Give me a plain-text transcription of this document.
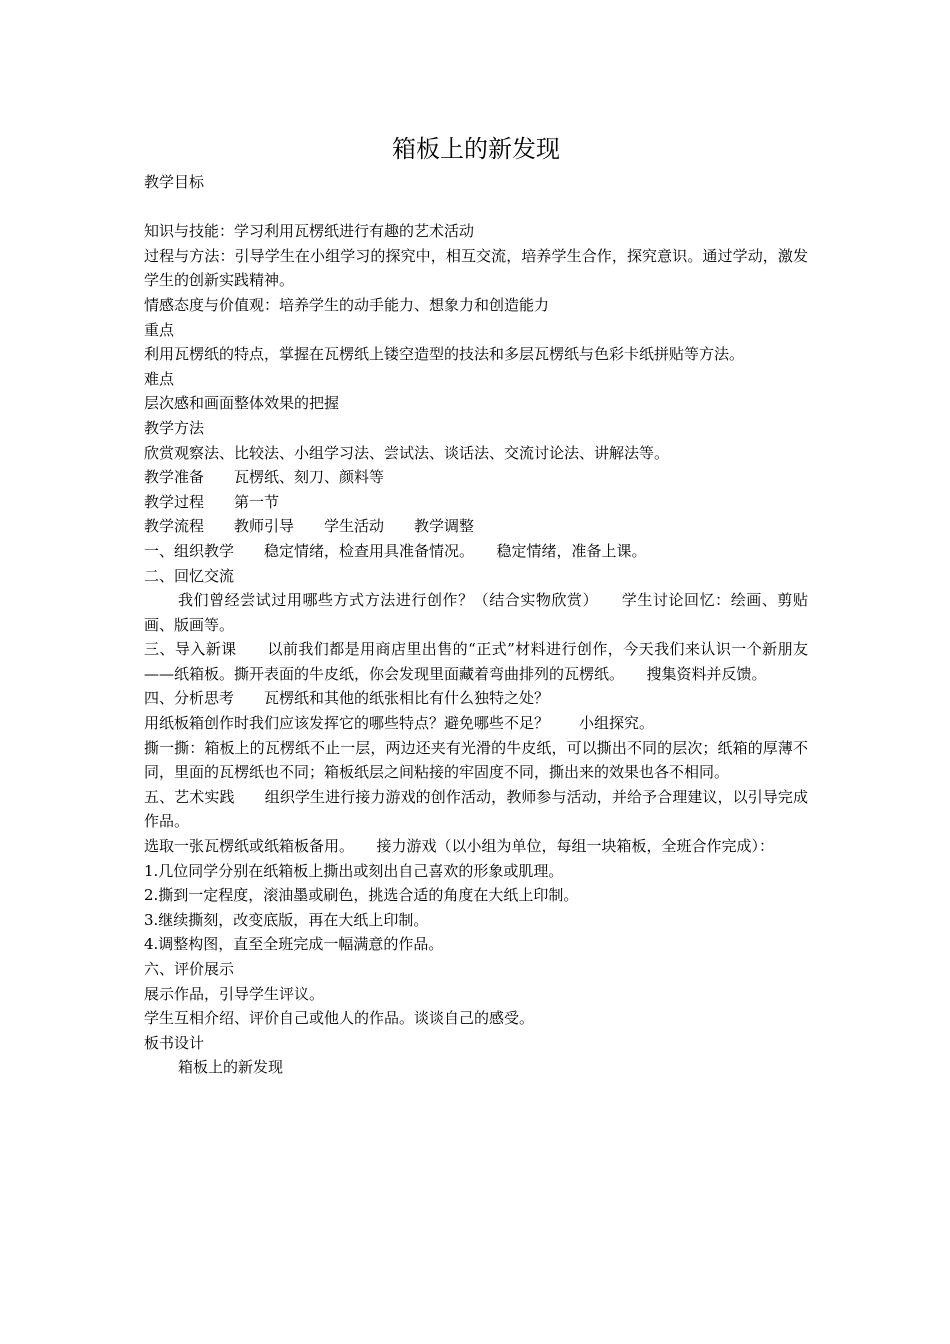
箱板上的新发现

教学目标

知识与技能：学习利用瓦楞纸进行有趣的艺术活动

过程与方法：引导学生在小组学习的探究中，相互交流，培养学生合作，探究意识。通过学动，激发学生的创新实践精神。

情感态度与价值观：培养学生的动手能力、想象力和创造能力

重点

利用瓦楞纸的特点，掌握在瓦楞纸上镂空造型的技法和多层瓦楞纸与色彩卡纸拼贴等方法。

难点

层次感和画面整体效果的把握

教学方法

欣赏观察法、比较法、小组学习法、尝试法、谈话法、交流讨论法、讲解法等。

教学准备　　瓦楞纸、刻刀、颜料等

教学过程　　第一节

教学流程　　教师引导　　学生活动　　教学调整

一、组织教学　　稳定情绪，检查用具准备情况。　　稳定情绪，准备上课。

二、回忆交流

我们曾经尝试过用哪些方式方法进行创作？（结合实物欣赏）　　学生讨论回忆：绘画、剪贴画、版画等。

三、导入新课　　以前我们都是用商店里出售的“正式”材料进行创作，今天我们来认识一个新朋友——纸箱板。撕开表面的牛皮纸，你会发现里面藏着弯曲排列的瓦楞纸。　　搜集资料并反馈。

四、分析思考　　瓦楞纸和其他的纸张相比有什么独特之处？

用纸板箱创作时我们应该发挥它的哪些特点？避免哪些不足？　　小组探究。

撕一撕：箱板上的瓦楞纸不止一层，两边还夹有光滑的牛皮纸，可以撕出不同的层次；纸箱的厚薄不同，里面的瓦楞纸也不同；箱板纸层之间粘接的牢固度不同，撕出来的效果也各不相同。

五、艺术实践　　组织学生进行接力游戏的创作活动，教师参与活动，并给予合理建议，以引导完成作品。

选取一张瓦楞纸或纸箱板备用。　　接力游戏（以小组为单位，每组一块箱板，全班合作完成）：

1.几位同学分别在纸箱板上撕出或刻出自己喜欢的形象或肌理。

2.撕到一定程度，滚油墨或刷色，挑选合适的角度在大纸上印制。

3.继续撕刻，改变底版，再在大纸上印制。

4.调整构图，直至全班完成一幅满意的作品。

六、评价展示

展示作品，引导学生评议。

学生互相介绍、评价自己或他人的作品。谈谈自己的感受。

板书设计

箱板上的新发现
